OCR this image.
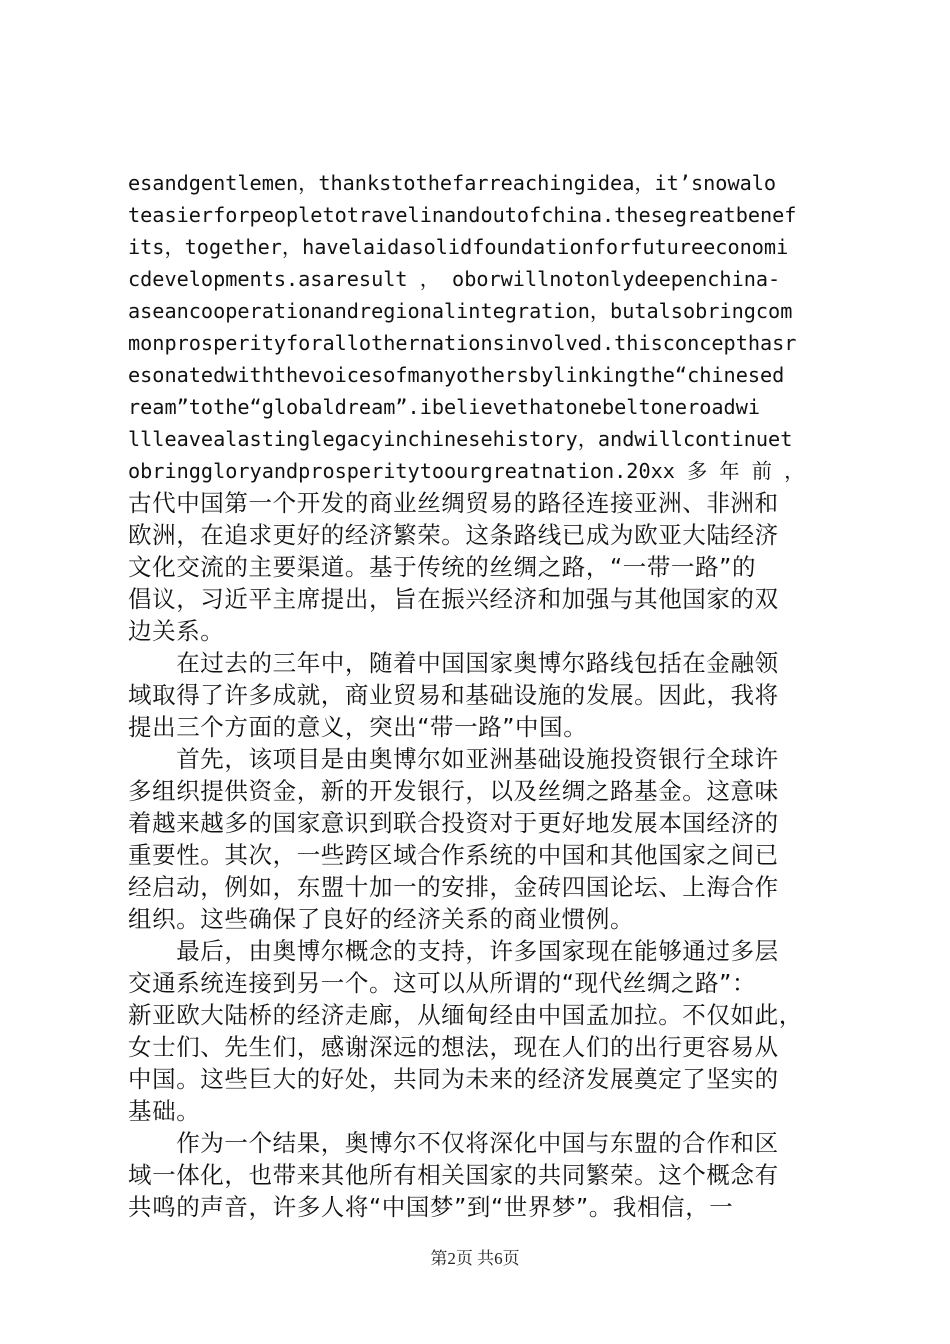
esandgentlemen，thankstothefarreachingidea，it’snowalo
teasierforpeopletotravelinandoutofchina.thesegreatbenef
its，together，havelaidasolidfoundationforfutureeconomi
cdevelopments.asaresult ， oborwillnotonlydeepenchina-
aseancooperationandregionalintegration，butalsobringcom
monprosperityforallothernationsinvolved.thisconcepthasr
esonatedwiththevoicesofmanyothersbylinkingthe“chinesed
ream”tothe“globaldream”.ibelievethatonebeltoneroadwi
llleavealastinglegacyinchinesehistory，andwillcontinuet
obringgloryandprosperitytoourgreatnation.20xx 多 年 前 ，
古代中国第一个开发的商业丝绸贸易的路径连接亚洲、非洲和
欧洲，在追求更好的经济繁荣。这条路线已成为欧亚大陆经济
文化交流的主要渠道。基于传统的丝绸之路，“一带一路”的
倡议，习近平主席提出，旨在振兴经济和加强与其他国家的双
边关系。
　　在过去的三年中，随着中国国家奥博尔路线包括在金融领
域取得了许多成就，商业贸易和基础设施的发展。因此，我将
提出三个方面的意义，突出“带一路”中国。
　　首先，该项目是由奥博尔如亚洲基础设施投资银行全球许
多组织提供资金，新的开发银行，以及丝绸之路基金。这意味
着越来越多的国家意识到联合投资对于更好地发展本国经济的
重要性。其次，一些跨区域合作系统的中国和其他国家之间已
经启动，例如，东盟十加一的安排，金砖四国论坛、上海合作
组织。这些确保了良好的经济关系的商业惯例。
　　最后，由奥博尔概念的支持，许多国家现在能够通过多层
交通系统连接到另一个。这可以从所谓的“现代丝绸之路”：
新亚欧大陆桥的经济走廊，从缅甸经由中国孟加拉。不仅如此，
女士们、先生们，感谢深远的想法，现在人们的出行更容易从
中国。这些巨大的好处，共同为未来的经济发展奠定了坚实的
基础。
　　作为一个结果，奥博尔不仅将深化中国与东盟的合作和区
域一体化，也带来其他所有相关国家的共同繁荣。这个概念有
共鸣的声音，许多人将“中国梦”到“世界梦”。我相信，一
第2页 共6页
